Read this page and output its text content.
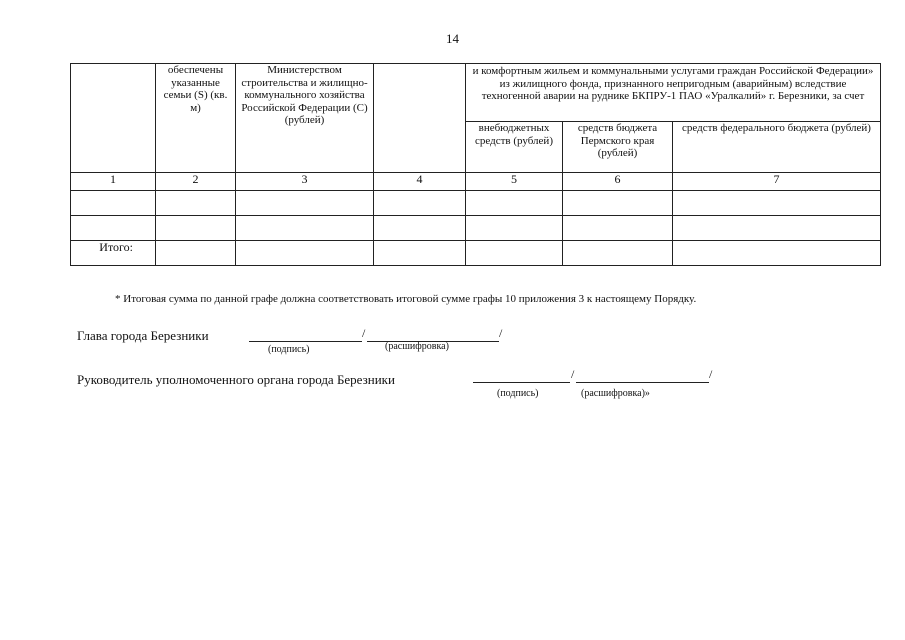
14
	обеспечены указанные семьи (S) (кв. м)	Министерством строительства и жилищно-коммунального хозяйства Российской Федерации (С) (рублей)		и комфортным жильем и коммунальными услугами граждан Российской Федерации» из жилищного фонда, признанного непригодным (аварийным) вследствие техногенной аварии на руднике БКПРУ-1 ПАО «Уралкалий» г. Березники, за счет		
				внебюджетных средств (рублей)	средств бюджета Пермского края (рублей)	средств федерального бюджета (рублей)
1	2	3	4	5	6	7

Итого:						
* Итоговая сумма по данной графе должна соответствовать итоговой сумме графы 10 приложения 3 к настоящему Порядку.
Глава города Березники	/	/
(подпись)	(расшифровка)
Руководитель уполномоченного органа города Березники	/	/
(подпись)	(расшифровка)»
